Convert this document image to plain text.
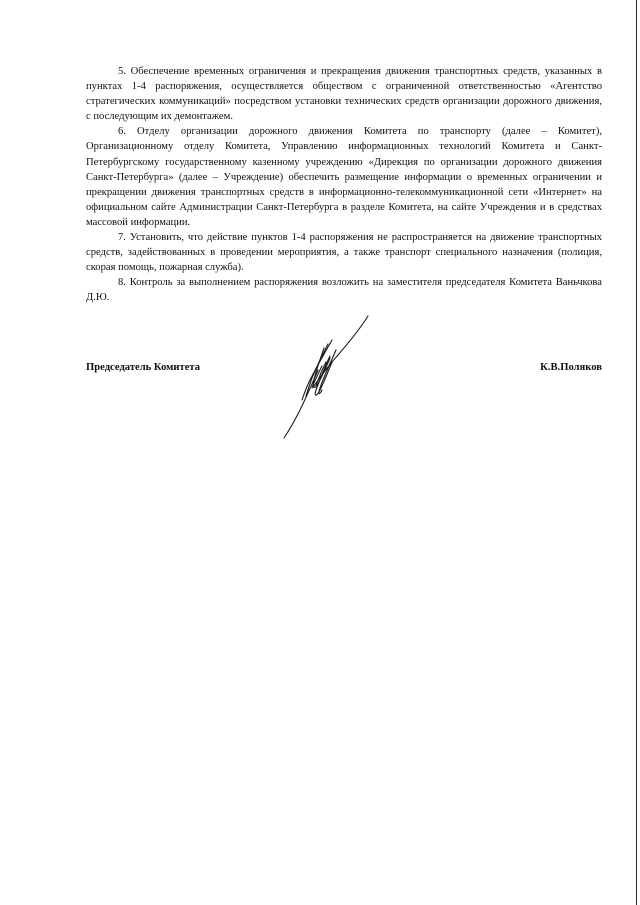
5. Обеспечение временных ограничения и прекращения движения транспортных средств, указанных в пунктах 1-4 распоряжения, осуществляется обществом с ограниченной ответственностью «Агентство стратегических коммуникаций» посредством установки технических средств организации дорожного движения, с последующим их демонтажем.

6. Отделу организации дорожного движения Комитета по транспорту (далее – Комитет), Организационному отделу Комитета, Управлению информационных технологий Комитета и Санкт-Петербургскому государственному казенному учреждению «Дирекция по организации дорожного движения Санкт-Петербурга» (далее – Учреждение) обеспечить размещение информации о временных ограничении и прекращении движения транспортных средств в информационно-телекоммуникационной сети «Интернет» на официальном сайте Администрации Санкт-Петербурга в разделе Комитета, на сайте Учреждения и в средствах массовой информации.

7. Установить, что действие пунктов 1-4 распоряжения не распространяется на движение транспортных средств, задействованных в проведении мероприятия, а также транспорт специального назначения (полиция, скорая помощь, пожарная служба).

8. Контроль за выполнением распоряжения возложить на заместителя председателя Комитета Ваньчкова Д.Ю.

Председатель Комитета	К.В.Поляков
